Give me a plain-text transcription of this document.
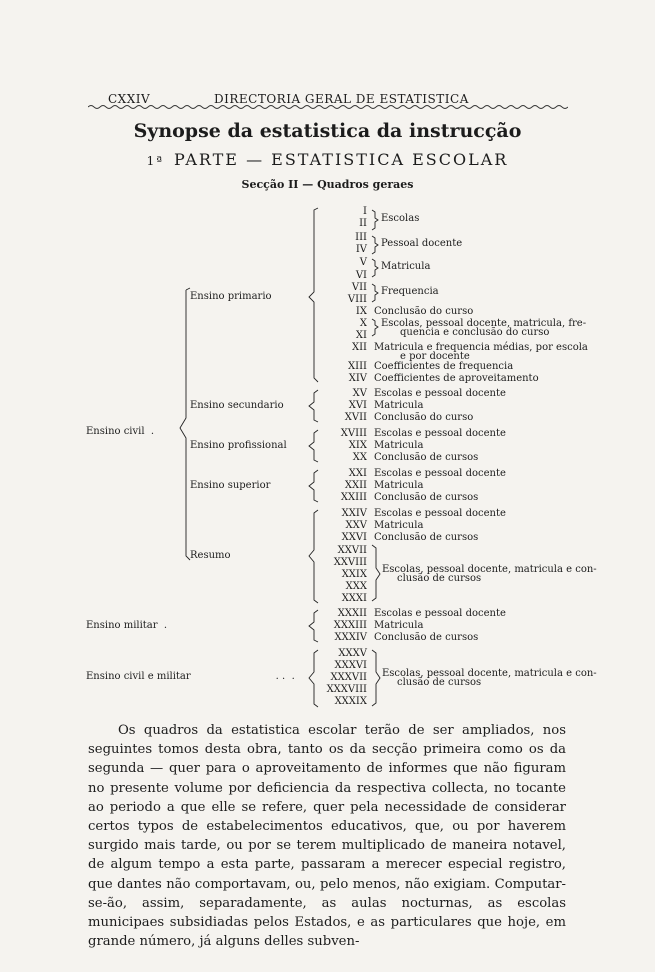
CXXIV	DIRECTORIA GERAL DE ESTATISTICA
Synopse da estatistica da instrucção
1ª PARTE — ESTATISTICA ESCOLAR
Secção II — Quadros geraes
Ensino civil  .
Ensino militar  .
Ensino civil e militar	. .  .
Ensino primario
Ensino secundario
Ensino profissional
Ensino superior
Resumo
I
II
III
IV
V
VI
VII
VIII
IX
X
XI
XII
XIII
XIV
XV
XVI
XVII
XVIII
XIX
XX
XXI
XXII
XXIII
XXIV
XXV
XXVI
XXVII
XXVIII
XXIX
XXX
XXXI
XXXII
XXXIII
XXXIV
XXXV
XXXVI
XXXVII
XXXVIII
XXXIX
Conclusão do curso
Matricula e frequencia médias, por escola
e por docente
Coefficientes de frequencia
Coefficientes de aproveitamento
Escolas e pessoal docente
Matricula
Conclusão do curso
Escolas e pessoal docente
Matricula
Conclusão de cursos
Escolas e pessoal docente
Matricula
Conclusão de cursos
Escolas e pessoal docente
Matricula
Conclusão de cursos
Escolas e pessoal docente
Matricula
Conclusão de cursos
Escolas
Pessoal docente
Matricula
Frequencia
Escolas, pessoal docente, matricula, fre-
quencia e conclusão do curso
Escolas, pessoal docente, matricula e con-
clusão de cursos
Escolas, pessoal docente, matricula e con-
clusão de cursos

Os quadros da estatistica escolar terão de ser ampliados, nos seguintes tomos desta obra, tanto os da secção primeira como os da segunda — quer para o aproveitamento de informes que não figuram no presente volume por deficiencia da respectiva collecta, no tocante ao periodo a que elle se refere, quer pela necessidade de considerar certos typos de estabelecimentos educativos, que, ou por haverem surgido mais tarde, ou por se terem multiplicado de maneira notavel, de algum tempo a esta parte, passaram a merecer especial registro, que dantes não comportavam, ou, pelo menos, não exigiam. Computar-se-ão, assim, separadamente, as aulas nocturnas, as escolas municipaes subsidiadas pelos Estados, e as particulares que hoje, em grande número, já alguns delles subven-
